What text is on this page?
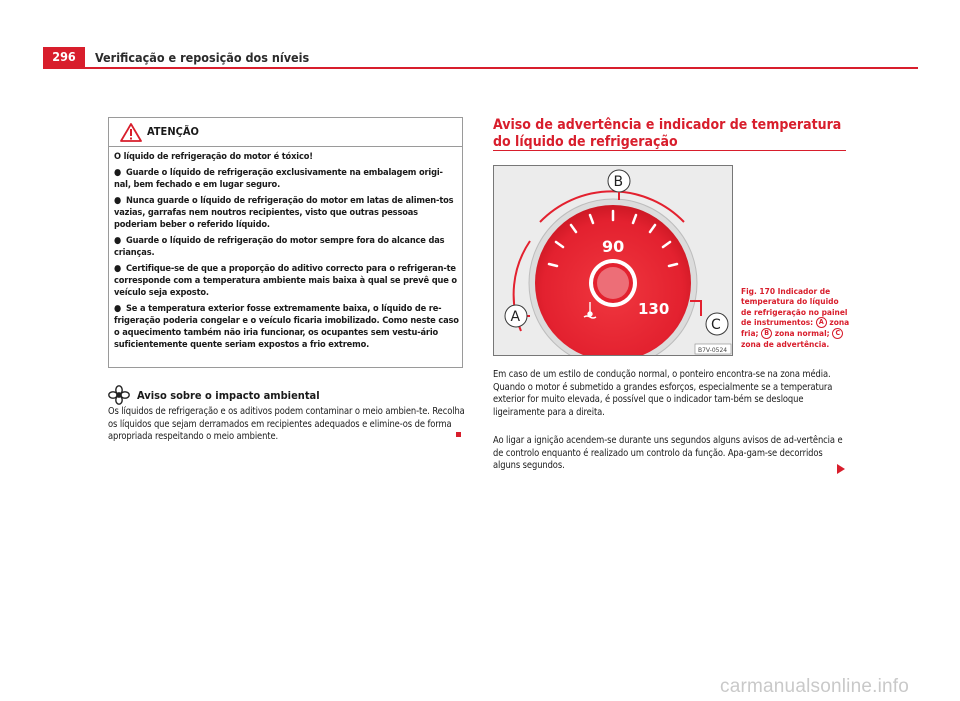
296	Verificação e reposição dos níveis
ATENÇÃO

O líquido de refrigeração do motor é tóxico!

● Guarde o líquido de refrigeração exclusivamente na embalagem origi-nal, bem fechado e em lugar seguro.

● Nunca guarde o líquido de refrigeração do motor em latas de alimen-tos vazias, garrafas nem noutros recipientes, visto que outras pessoas poderiam beber o referido líquido.

● Guarde o líquido de refrigeração do motor sempre fora do alcance das crianças.

● Certifique-se de que a proporção do aditivo correcto para o refrigeran-te corresponde com a temperatura ambiente mais baixa à qual se prevê que o veículo seja exposto.

● Se a temperatura exterior fosse extremamente baixa, o líquido de re-frigeração poderia congelar e o veículo ficaria imobilizado. Como neste caso o aquecimento também não iria funcionar, os ocupantes sem vestu-ário suficientemente quente seriam expostos a frio extremo.

Aviso sobre o impacto ambiental
Os líquidos de refrigeração e os aditivos podem contaminar o meio ambien-te. Recolha os líquidos que sejam derramados em recipientes adequados e elimine-os de forma apropriada respeitando o meio ambiente.
Aviso de advertência e indicador de temperatura do líquido de refrigeração
90
130
A
B
C
B7V-0524
Fig. 170 Indicador de temperatura do líquido de refrigeração no painel de instrumentos: A zona fria; B zona normal; C zona de advertência.
Em caso de um estilo de condução normal, o ponteiro encontra-se na zona média. Quando o motor é submetido a grandes esforços, especialmente se a temperatura exterior for muito elevada, é possível que o indicador tam-bém se desloque ligeiramente para a direita.
Ao ligar a ignição acendem-se durante uns segundos alguns avisos de ad-vertência e de controlo enquanto é realizado um controlo da função. Apa-gam-se decorridos alguns segundos.
carmanualsonline.info
